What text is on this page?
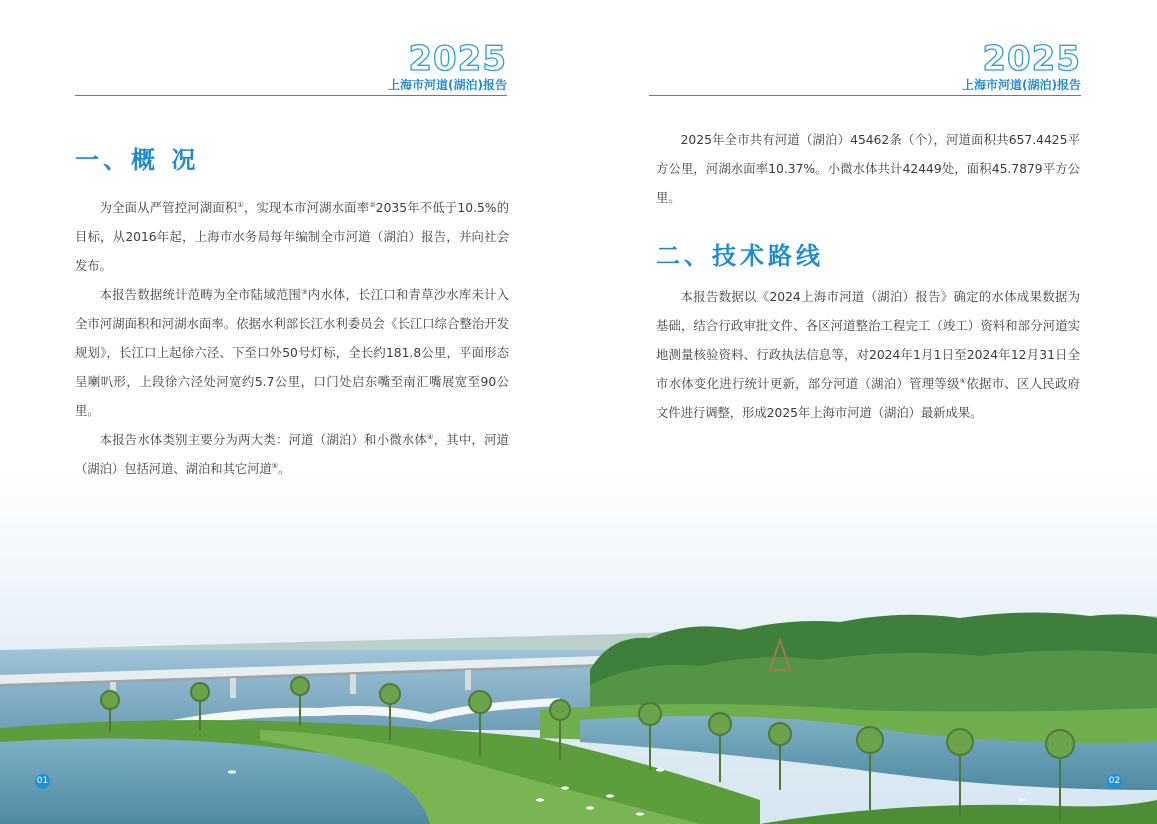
2025
上海市河道(湖泊)报告
一、概 况

为全面从严管控河湖面积①，实现本市河湖水面率②2035年不低于10.5%的目标，从2016年起，上海市水务局每年编制全市河道（湖泊）报告，并向社会发布。

本报告数据统计范畴为全市陆域范围③内水体，长江口和青草沙水库未计入全市河湖面积和河湖水面率。依据水利部长江水利委员会《长江口综合整治开发规划》，长江口上起徐六泾、下至口外50号灯标，全长约181.8公里，平面形态呈喇叭形，上段徐六泾处河宽约5.7公里，口门处启东嘴至南汇嘴展宽至90公里。

本报告水体类别主要分为两大类：河道（湖泊）和小微水体④，其中，河道（湖泊）包括河道、湖泊和其它河道⑤。

01
2025
上海市河道(湖泊)报告

2025年全市共有河道（湖泊）45462条（个），河道面积共657.4425平方公里，河湖水面率10.37%。小微水体共计42449处，面积45.7879平方公里。

二、技术路线

本报告数据以《2024上海市河道（湖泊）报告》确定的水体成果数据为基础，结合行政审批文件、各区河道整治工程完工（竣工）资料和部分河道实地测量核验资料、行政执法信息等，对2024年1月1日至2024年12月31日全市水体变化进行统计更新，部分河道（湖泊）管理等级⑥依据市、区人民政府文件进行调整，形成2025年上海市河道（湖泊）最新成果。

02
